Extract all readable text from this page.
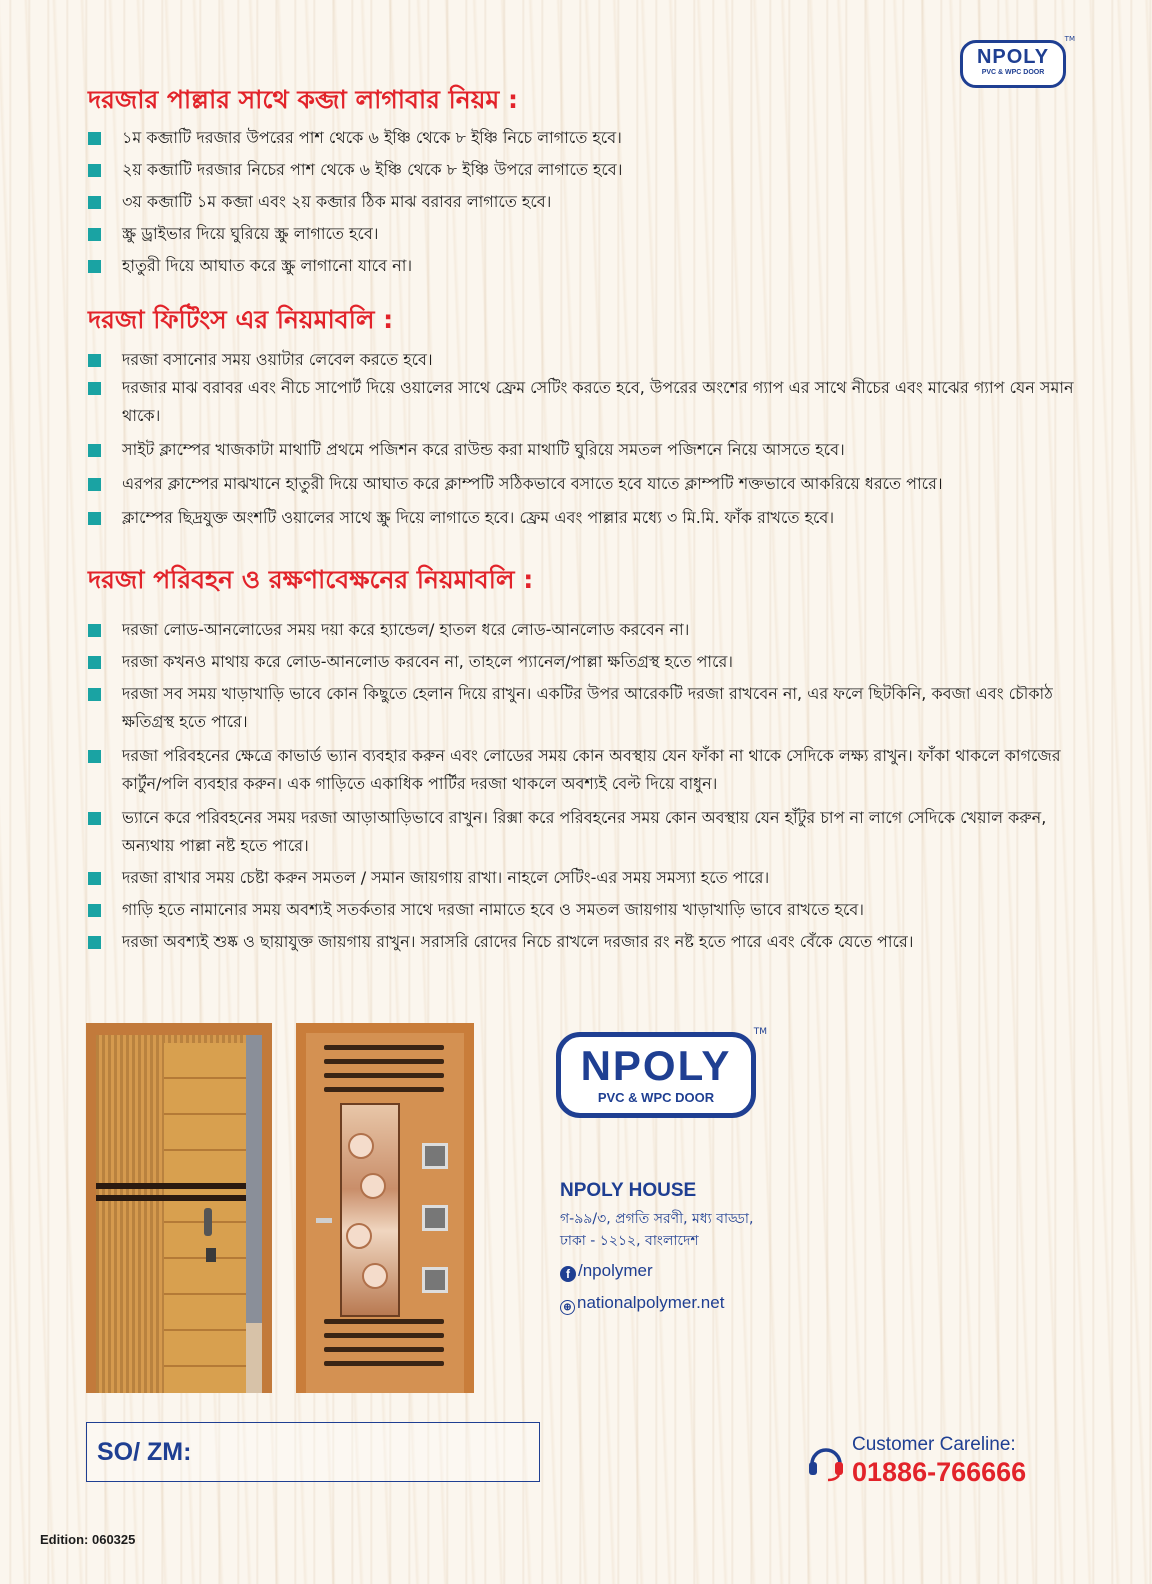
NPOLY
PVC & WPC DOOR
TM
দরজার পাল্লার সাথে কব্জা লাগাবার নিয়ম :
১ম কব্জাটি দরজার উপরের পাশ থেকে ৬ ইঞ্চি থেকে ৮ ইঞ্চি নিচে লাগাতে হবে।
২য় কব্জাটি দরজার নিচের পাশ থেকে ৬ ইঞ্চি থেকে ৮ ইঞ্চি উপরে লাগাতে হবে।
৩য় কব্জাটি ১ম কব্জা এবং ২য় কব্জার ঠিক মাঝ বরাবর লাগাতে হবে।
স্ক্রু ড্রাইভার দিয়ে ঘুরিয়ে স্ক্রু লাগাতে হবে।
হাতুরী দিয়ে আঘাত করে স্ক্রু লাগানো যাবে না।
দরজা ফিটিংস এর নিয়মাবলি :
দরজা বসানোর সময় ওয়াটার লেবেল করতে হবে।
দরজার মাঝ বরাবর এবং নীচে সাপোর্ট দিয়ে ওয়ালের সাথে ফ্রেম সেটিং করতে হবে, উপরের অংশের গ্যাপ এর সাথে নীচের এবং মাঝের গ্যাপ যেন সমান থাকে।
সাইট ক্লাম্পের খাজকাটা মাথাটি প্রথমে পজিশন করে রাউন্ড করা মাথাটি ঘুরিয়ে সমতল পজিশনে নিয়ে আসতে হবে।
এরপর ক্লাম্পের মাঝখানে হাতুরী দিয়ে আঘাত করে ক্লাম্পটি সঠিকভাবে বসাতে হবে যাতে ক্লাম্পটি শক্তভাবে আকরিয়ে ধরতে পারে।
ক্লাম্পের ছিদ্রযুক্ত অংশটি ওয়ালের সাথে স্ক্রু দিয়ে লাগাতে হবে। ফ্রেম এবং পাল্লার মধ্যে ৩ মি.মি. ফাঁক রাখতে হবে।
দরজা পরিবহন ও রক্ষণাবেক্ষনের নিয়মাবলি :
দরজা লোড-আনলোডের সময় দয়া করে হ্যান্ডেল/ হাতল ধরে লোড-আনলোড করবেন না।
দরজা কখনও মাথায় করে লোড-আনলোড করবেন না, তাহলে প্যানেল/পাল্লা ক্ষতিগ্রস্থ হতে পারে।
দরজা সব সময় খাড়াখাড়ি ভাবে কোন কিছুতে হেলান দিয়ে রাখুন। একটির উপর আরেকটি দরজা রাখবেন না, এর ফলে ছিটকিনি, কবজা এবং চৌকাঠ ক্ষতিগ্রস্থ হতে পারে।
দরজা পরিবহনের ক্ষেত্রে কাভার্ড ভ্যান ব্যবহার করুন এবং লোডের সময় কোন অবস্থায় যেন ফাঁকা না থাকে সেদিকে লক্ষ্য রাখুন। ফাঁকা থাকলে কাগজের কার্টুন/পলি ব্যবহার করুন। এক গাড়িতে একাধিক পার্টির দরজা থাকলে অবশ্যই বেল্ট দিয়ে বাধুন।
ভ্যানে করে পরিবহনের সময় দরজা আড়াআড়িভাবে রাখুন। রিক্সা করে পরিবহনের সময় কোন অবস্থায় যেন হাঁটুর চাপ না লাগে সেদিকে খেয়াল করুন, অন্যথায় পাল্লা নষ্ট হতে পারে।
দরজা রাখার সময় চেষ্টা করুন সমতল / সমান জায়গায় রাখা। নাহলে সেটিং-এর সময় সমস্যা হতে পারে।
গাড়ি হতে নামানোর সময় অবশ্যই সতর্কতার সাথে দরজা নামাতে হবে ও সমতল জায়গায় খাড়াখাড়ি ভাবে রাখতে হবে।
দরজা অবশ্যই শুষ্ক ও ছায়াযুক্ত জায়গায় রাখুন। সরাসরি রোদের নিচে রাখলে দরজার রং নষ্ট হতে পারে এবং বেঁকে যেতে পারে।
NPOLY
PVC & WPC DOOR
TM
NPOLY HOUSE

গ-৯৯/৩, প্রগতি সরণী, মধ্য বাড্ডা,

ঢাকা - ১২১২, বাংলাদেশ

f /npolymer

⊕ nationalpolymer.net

SO/ ZM:	Customer Careline:
01886-766666
Edition: 060325
